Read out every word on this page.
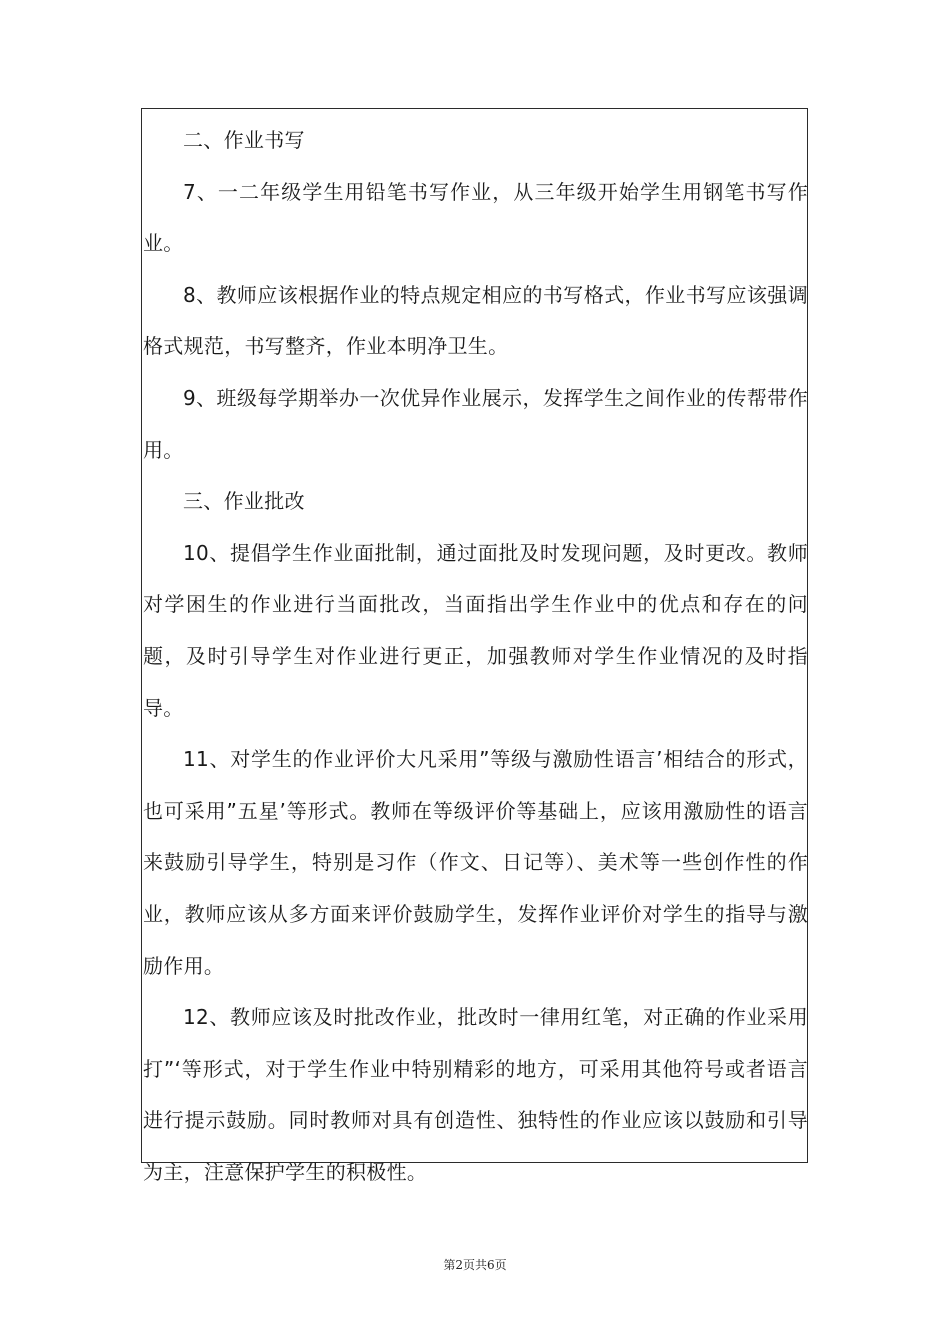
二、作业书写

7、一二年级学生用铅笔书写作业，从三年级开始学生用钢笔书写作业。

8、教师应该根据作业的特点规定相应的书写格式，作业书写应该强调格式规范，书写整齐，作业本明净卫生。

9、班级每学期举办一次优异作业展示，发挥学生之间作业的传帮带作用。

三、作业批改

10、提倡学生作业面批制，通过面批及时发现问题，及时更改。教师对学困生的作业进行当面批改，当面指出学生作业中的优点和存在的问题，及时引导学生对作业进行更正，加强教师对学生作业情况的及时指导。

11、对学生的作业评价大凡采用”等级与激励性语言’相结合的形式，也可采用”五星’等形式。教师在等级评价等基础上，应该用激励性的语言来鼓励引导学生，特别是习作（作文、日记等）、美术等一些创作性的作业，教师应该从多方面来评价鼓励学生，发挥作业评价对学生的指导与激励作用。

12、教师应该及时批改作业，批改时一律用红笔，对正确的作业采用打”‘等形式，对于学生作业中特别精彩的地方，可采用其他符号或者语言进行提示鼓励。同时教师对具有创造性、独特性的作业应该以鼓励和引导为主，注意保护学生的积极性。

第2页共6页
